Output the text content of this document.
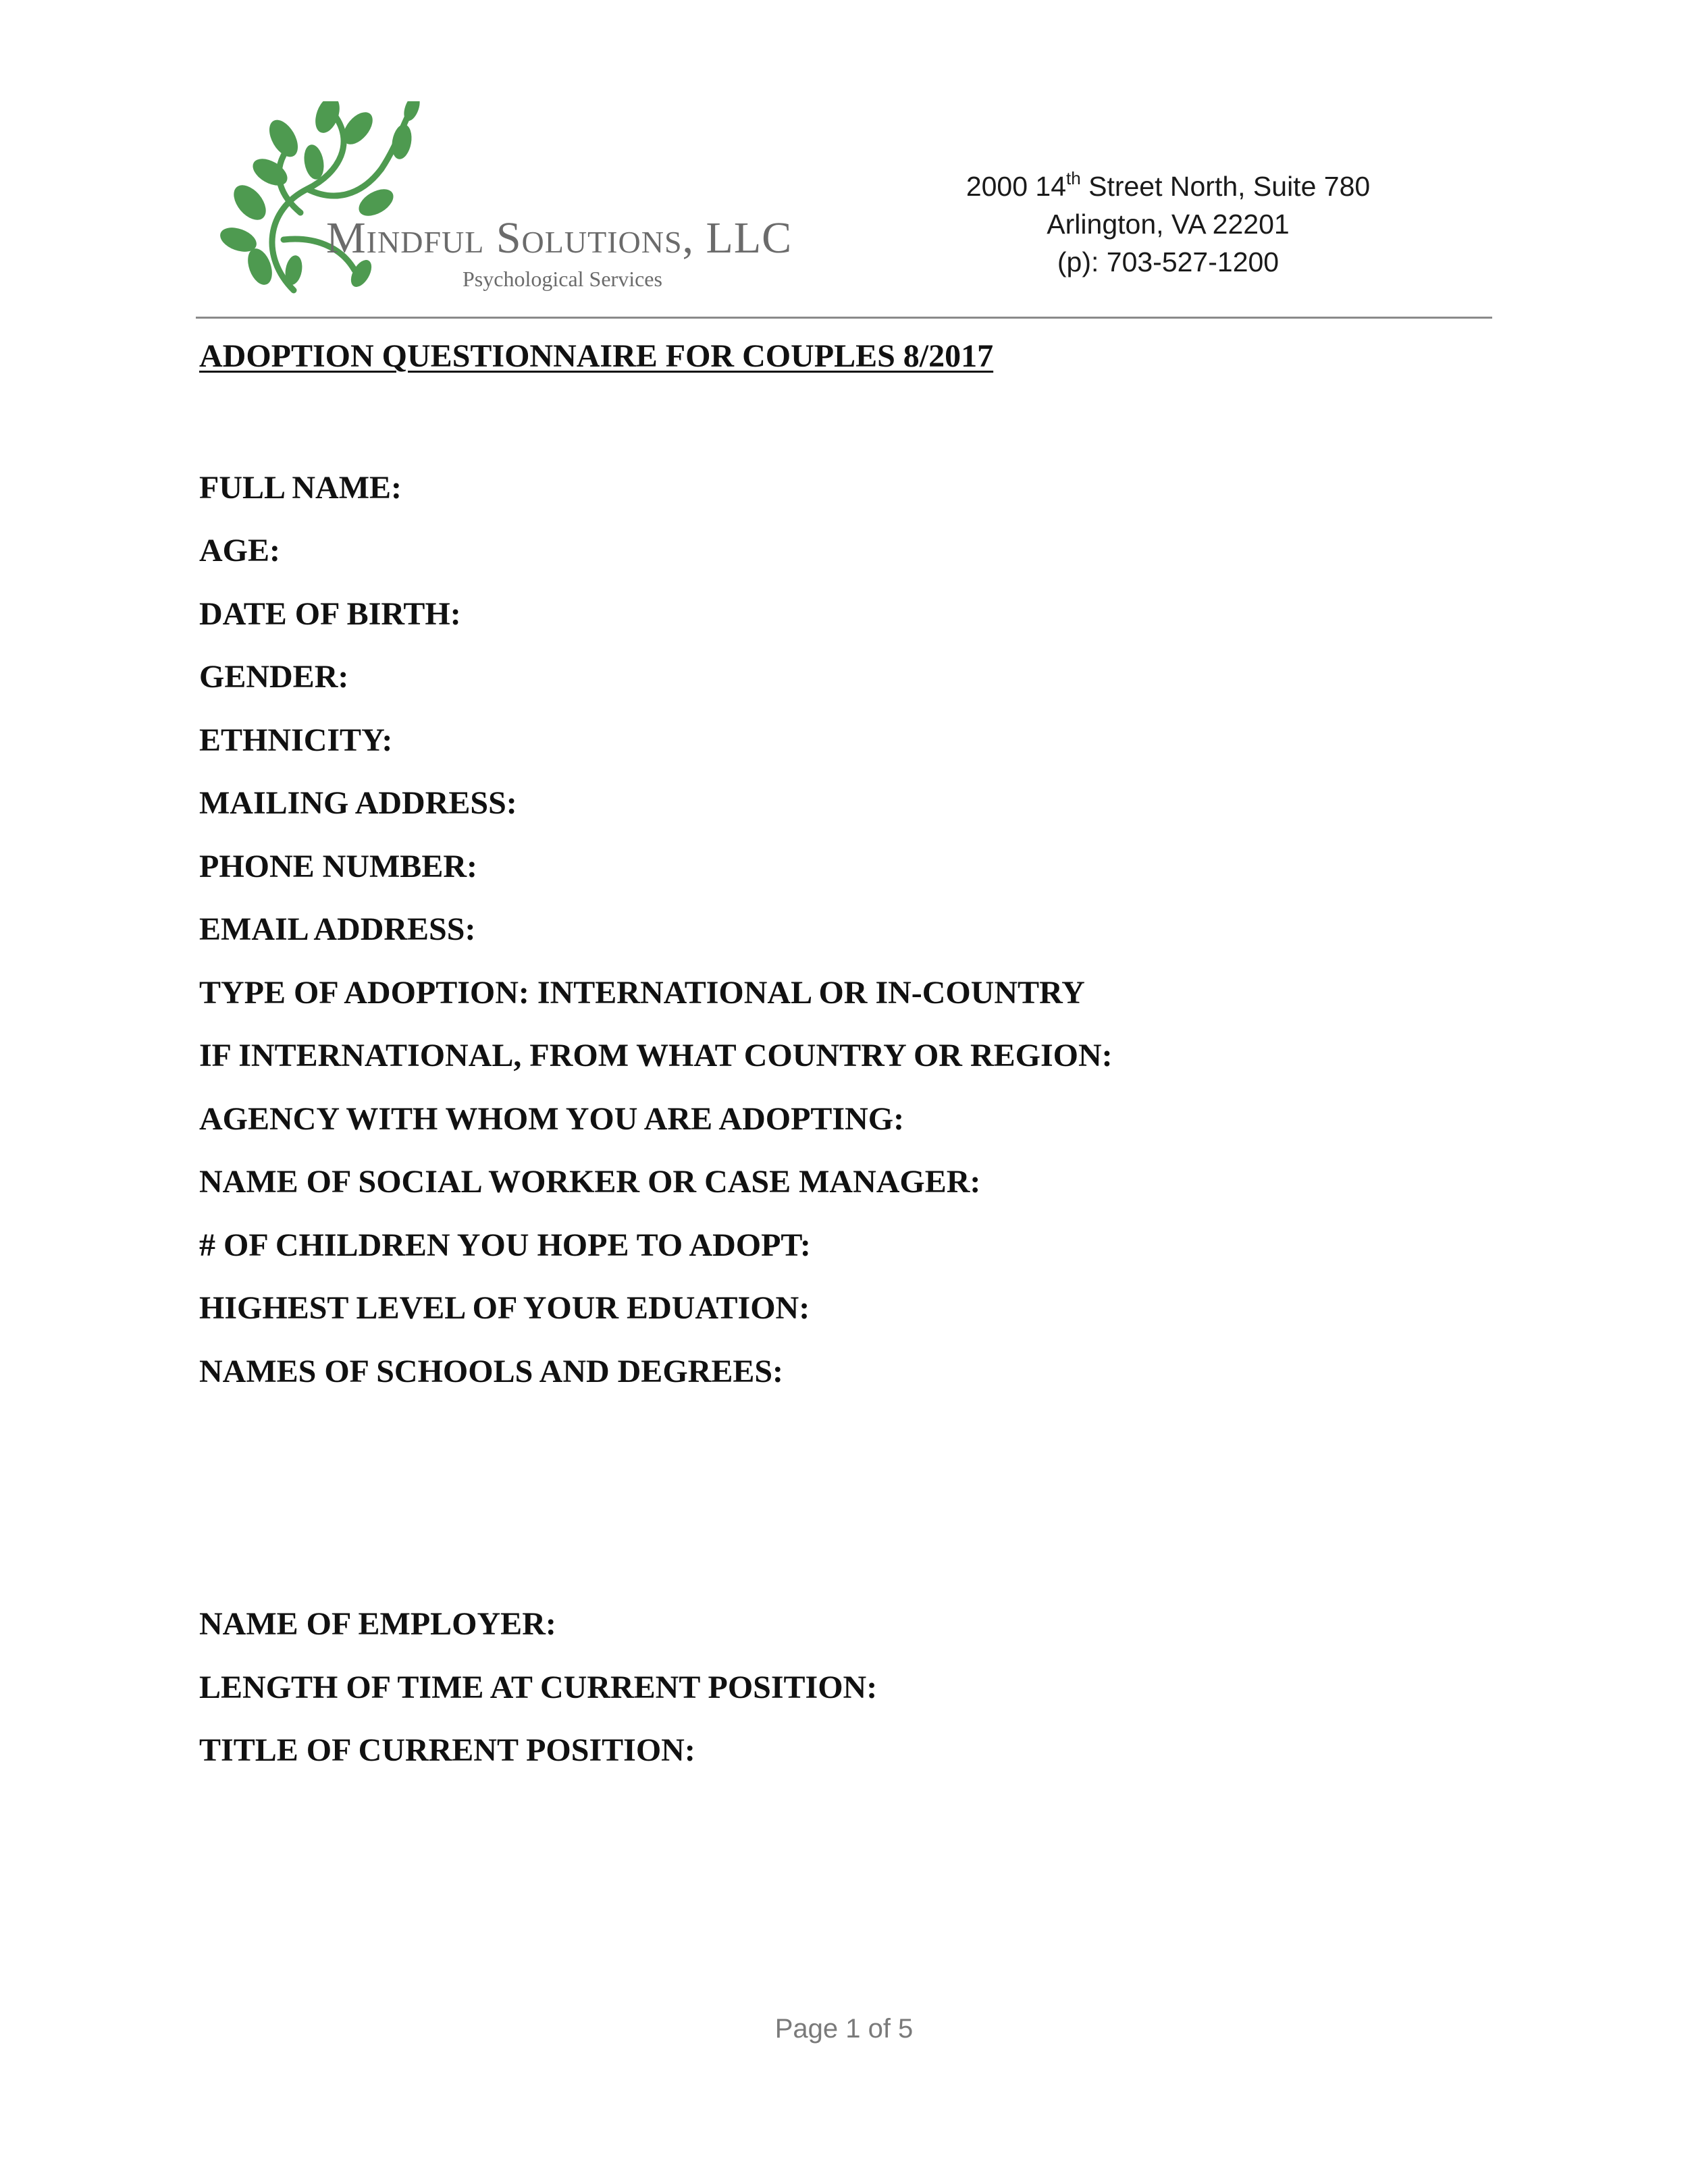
Mindful Solutions, LLC
Psychological Services
2000 14th Street North, Suite 780
Arlington, VA 22201
(p): 703-527-1200
ADOPTION QUESTIONNAIRE FOR COUPLES 8/2017
FULL NAME:
AGE:
DATE OF BIRTH:
GENDER:
ETHNICITY:
MAILING ADDRESS:
PHONE NUMBER:
EMAIL ADDRESS:
TYPE OF ADOPTION: INTERNATIONAL OR IN-COUNTRY
IF INTERNATIONAL, FROM WHAT COUNTRY OR REGION:
AGENCY WITH WHOM YOU ARE ADOPTING:
NAME OF SOCIAL WORKER OR CASE MANAGER:
# OF CHILDREN YOU HOPE TO ADOPT:
HIGHEST LEVEL OF YOUR EDUATION:
NAMES OF SCHOOLS AND DEGREES:
NAME OF EMPLOYER:
LENGTH OF TIME AT CURRENT POSITION:
TITLE OF CURRENT POSITION:
Page 1 of 5
